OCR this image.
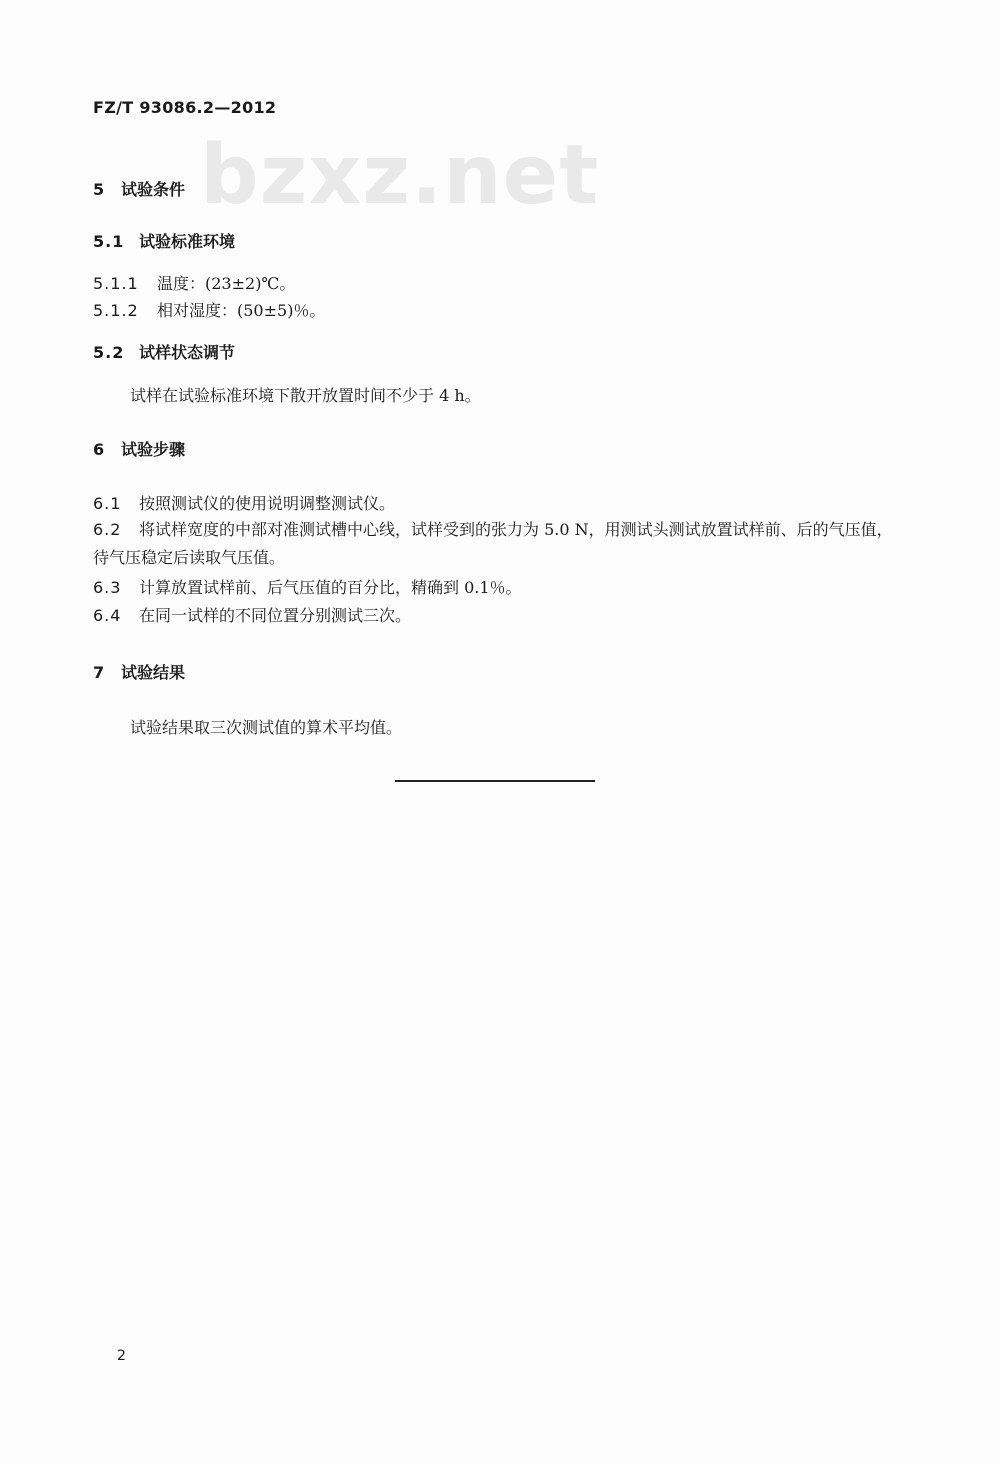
FZ/T 93086.2—2012
bzxz.net
5 试验条件
5.1 试验标准环境
5.1.1 温度：(23±2)℃。
5.1.2 相对湿度：(50±5)％。
5.2 试样状态调节
试样在试验标准环境下散开放置时间不少于 4 h。
6 试验步骤
6.1 按照测试仪的使用说明调整测试仪。
6.2 将试样宽度的中部对准测试槽中心线，试样受到的张力为 5.0 N，用测试头测试放置试样前、后的气压值，待气压稳定后读取气压值。
6.3 计算放置试样前、后气压值的百分比，精确到 0.1％。
6.4 在同一试样的不同位置分别测试三次。
7 试验结果
试验结果取三次测试值的算术平均值。
2
